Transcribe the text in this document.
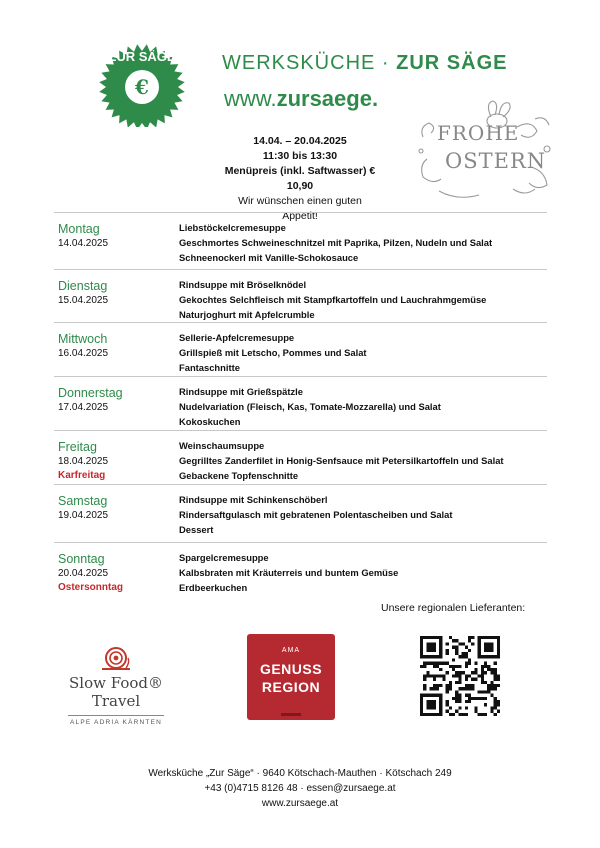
€
ZUR SÄGE WERKSKÜCHE · ZUR SÄGE
www.zursaege.
14.04. – 20.04.2025
11:30 bis 13:30
Menüpreis (inkl. Saftwasser) € 10,90
Wir wünschen einen guten Appetit!
FROHE
OSTERN
Montag
14.04.2025
Liebstöckelcremesuppe
Geschmortes Schweineschnitzel mit Paprika, Pilzen, Nudeln und Salat
Schneenockerl mit Vanille-Schokosauce
Dienstag
15.04.2025
Rindsuppe mit Bröselknödel
Gekochtes Selchfleisch mit Stampfkartoffeln und Lauchrahmgemüse
Naturjoghurt mit Apfelcrumble
Mittwoch
16.04.2025
Sellerie-Apfelcremesuppe
Grillspieß mit Letscho, Pommes und Salat
Fantaschnitte
Donnerstag
17.04.2025
Rindsuppe mit Grießspätzle
Nudelvariation (Fleisch, Kas, Tomate-Mozzarella) und Salat
Kokoskuchen
Freitag
18.04.2025
Karfreitag
Weinschaumsuppe
Gegrilltes Zanderfilet in Honig-Senfsauce mit Petersilkartoffeln und Salat
Gebackene Topfenschnitte
Samstag
19.04.2025
Rindsuppe mit Schinkenschöberl
Rindersaftgulasch mit gebratenen Polentascheiben und Salat
Dessert
Sonntag
20.04.2025
Ostersonntag
Spargelcremesuppe
Kalbsbraten mit Kräuterreis und buntem Gemüse
Erdbeerkuchen
Unsere regionalen Lieferanten:
Slow Food®
Travel
ALPE ADRIA KÄRNTEN
AMA
GENUSS
REGION
Werksküche „Zur Säge“ · 9640 Kötschach-Mauthen · Kötschach 249
+43 (0)4715 8126 48 · essen@zursaege.at
www.zursaege.at
